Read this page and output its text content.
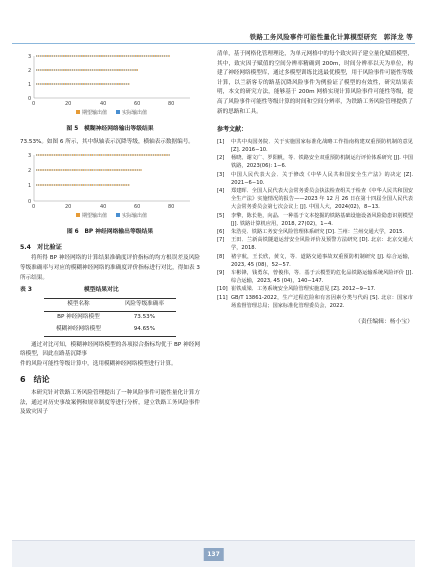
铁路工务风险事件可能性量化计算模型研究　郭泽龙 等
3
2
1
0
0	20	40	60	80
期望输出值	实际输出值
图 5　模糊神经网络输出等级结果

73.53%。如图 6 所示，其中纵轴表示沉降等级，横轴表示数据编号。

3
2
1
0
0	20	40	60	80
期望输出值	实际输出值
图 6　BP 神经网络输出等级结果
5.4　对比验证

将所得 BP 神经网络的计算结果准确度评价指标的均方根误差及风险等级准确率与对应的模糊神经网络的准确度评价指标进行对比，得如表 3 所示结果。

表 3	模型结果对比
模型名称	风险等级准确率
BP 神经网络模型	73.53%
模糊神经网络模型	94.65%

通过对比可知，模糊神经网络模型的各项拟合指标均优于 BP 神经网络模型，因此在路基沉降事

件的风险可能性等级计算中，选用模糊神经网络模型进行计算。

6　结论

本研究针对铁路工务风险管理提出了一种风险事件可能性量化计算方法，通过对历史事故案例和规章制度等进行分析，建立铁路工务风险事件及致灾因子

清单，基于网格化管理理论，为单元网格中的每个致灾因子建立量化赋值模型，其中，致灾因子赋值的空间分辨率精确到 200m，时间分辨率以天为单位，构建了神经网络模型库，通过多模型训练比选最优模型，用于风险事件可能性等级计算，以兰新客专的路基沉降风险事件为例验证了模型的有效性，研究结果表明，本文的研究方法，能够基于 200m 网格实现计算风险事件可能性等级，提高了风险事件可能性等级计算的时间和空间分辨率，为铁路工务风险管理提供了新的思路和工具。

参考文献：
[1]	中共中央国务院．关于实施国家标准化战略工作指南构建双重预防机制的意见 [Z]. 2016−10.
[2]	杨晓、谢文广、罗阳帆，等．铁路安全双重预防机制运行评价体系研究 [J]. 中国铁路，2023(06): 1−6.
[3]	中国人民代表大会．关于修改《中华人民共和国安全生产法》的决定 [Z]. 2021−6−10.
[4]	郑建晖．全国人民代表大会常务委员会执法检查组关于检查《中华人民共和国安全生产法》实施情况的报告——2023 年 12 月 26 日在第十四届全国人民代表大会常务委员会第七次会议上 [J]. 中国人大，2024(02)，8−13.
[5]	李擎，陈长艳，向晶．一种基于文本挖掘的铁路基础设施设备风险隐患识别模型 [J]. 铁路计算机应用，2018, 27(02)，1−4.
[6]	朱浩亮．铁路工务安全风险管理体系研究 [D]. 兰州：兰州交通大学，2015.
[7]	王田．兰新高铁隧道运营安全风险评价及预警方法研究 [D]. 北京：北京交通大学，2018.
[8]	褚宇航，王长欣，黄文，等．道路交通事故双重预防机制研究 [J]. 综合运输，2023, 45 (08)，52−57.
[9]	车彬锋，钱勇东，曾俊伟，等．基于云模型的危化品铁路运输系统风险评价 [J]. 综合运输，2023, 45 (04)，140−147.
[10] 崔铁成梁．工务系统安全风险管理实施意见 [Z]. 2012−9−17.
[11] GB/T 13861-2022，生产过程危险和有害因素分类与代码 [S]. 北京：国家市场监督管理总局；国家标准化管理委员会，2022.
（责任编辑：杨小宝）
137
